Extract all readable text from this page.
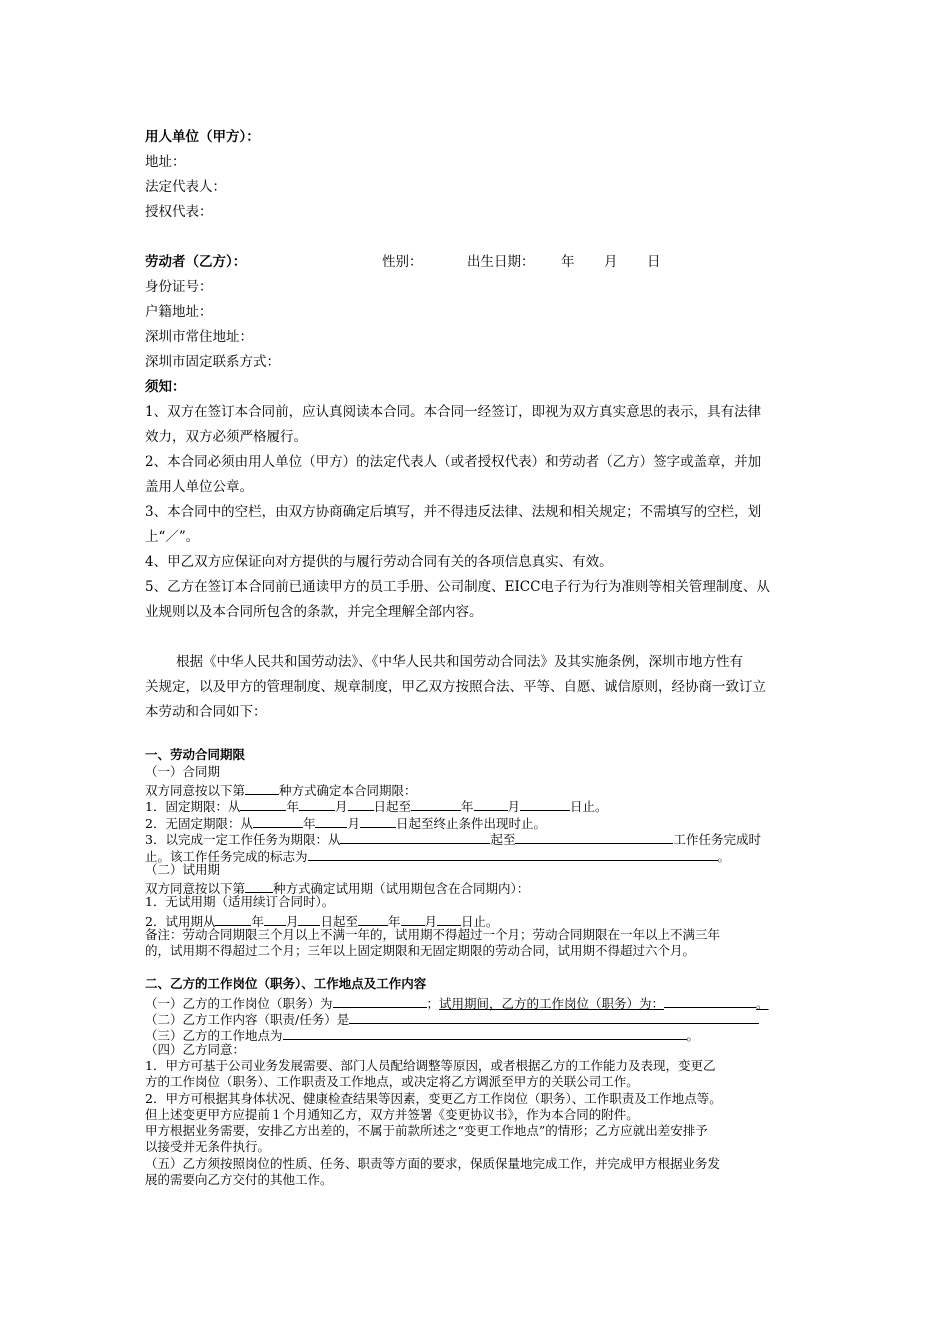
用人单位（甲方）：
地址：
法定代表人：
授权代表：
劳动者（乙方）：	性别：	出生日期： 年 月 日
身份证号：
户籍地址：
深圳市常住地址：
深圳市固定联系方式：
须知：
1、双方在签订本合同前，应认真阅读本合同。本合同一经签订，即视为双方真实意思的表示，具有法律
效力，双方必须严格履行。
2、本合同必须由用人单位（甲方）的法定代表人（或者授权代表）和劳动者（乙方）签字或盖章，并加
盖用人单位公章。
3、本合同中的空栏，由双方协商确定后填写，并不得违反法律、法规和相关规定；不需填写的空栏，划
上“／”。
4、甲乙双方应保证向对方提供的与履行劳动合同有关的各项信息真实、有效。
5、乙方在签订本合同前已通读甲方的员工手册、公司制度、EICC电子行为行为准则等相关管理制度、从
业规则以及本合同所包含的条款，并完全理解全部内容。
根据《中华人民共和国劳动法》、《中华人民共和国劳动合同法》及其实施条例，深圳市地方性有
关规定，以及甲方的管理制度、规章制度，甲乙双方按照合法、平等、自愿、诚信原则，经协商一致订立
本劳动和合同如下：
一、劳动合同期限
（一）合同期
双方同意按以下第	种方式确定本合同期限：
1．固定期限：从	年	月 日起至	年	月	日止。
2．无固定期限：从	年	月	日起至终止条件出现时止。
3．以完成一定工作任务为期限：从	起至	工作任务完成时
止。该工作任务完成的标志为	。
（二）试用期
双方同意按以下第 种方式确定试用期（试用期包含在合同期内）：
1．无试用期（适用续订合同时）。
2．试用期从	年 月 日起至 年 月 日止。
备注：劳动合同期限三个月以上不满一年的，试用期不得超过一个月；劳动合同期限在一年以上不满三年
的，试用期不得超过二个月；三年以上固定期限和无固定期限的劳动合同，试用期不得超过六个月。
二、乙方的工作岗位（职务）、工作地点及工作内容
（一）乙方的工作岗位（职务）为	；试用期间，乙方的工作岗位（职务）为：	。
（二）乙方工作内容（职责/任务）是
（三）乙方的工作地点为	。
（四）乙方同意：
1．甲方可基于公司业务发展需要、部门人员配给调整等原因，或者根据乙方的工作能力及表现，变更乙
方的工作岗位（职务）、工作职责及工作地点，或决定将乙方调派至甲方的关联公司工作。
2．甲方可根据其身体状况、健康检查结果等因素，变更乙方工作岗位（职务）、工作职责及工作地点等。
但上述变更甲方应提前１个月通知乙方，双方并签署《变更协议书》，作为本合同的附件。
甲方根据业务需要，安排乙方出差的，不属于前款所述之“变更工作地点”的情形；乙方应就出差安排予
以接受并无条件执行。
（五）乙方须按照岗位的性质、任务、职责等方面的要求，保质保量地完成工作，并完成甲方根据业务发
展的需要向乙方交付的其他工作。
